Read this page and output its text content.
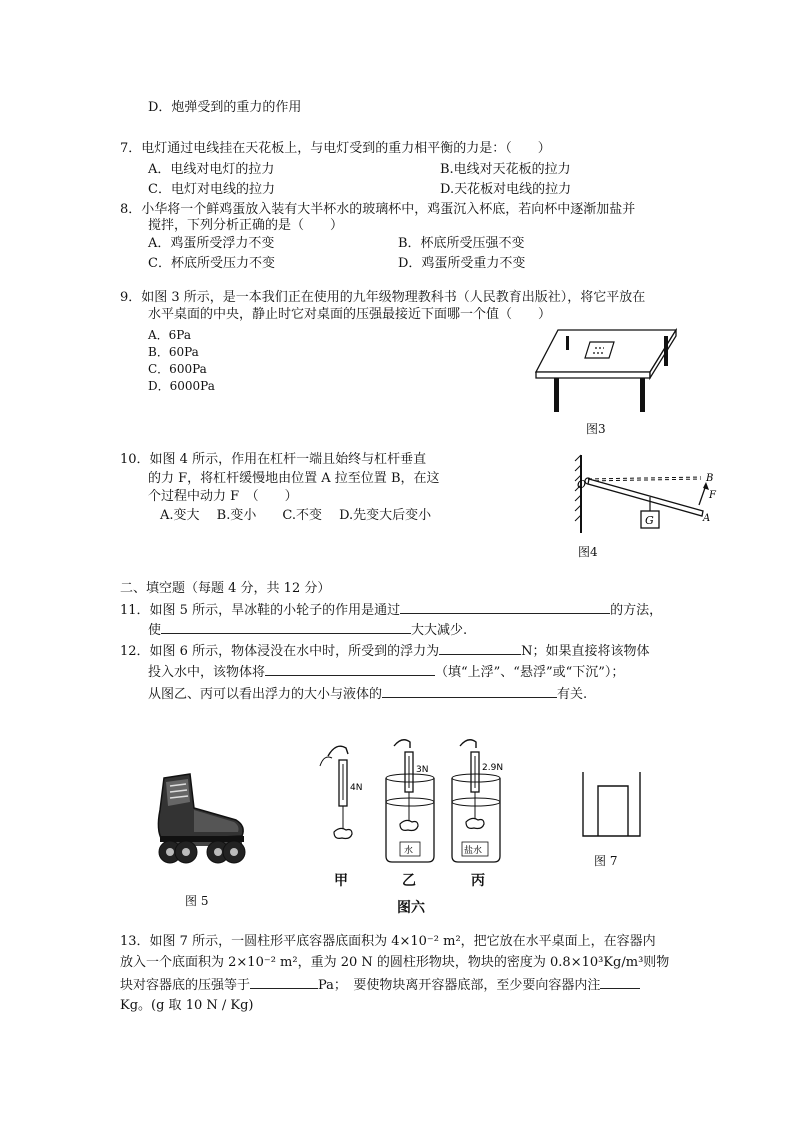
D．炮弹受到的重力的作用
7．电灯通过电线挂在天花板上，与电灯受到的重力相平衡的力是：（　　）
A．电线对电灯的拉力	B.电线对天花板的拉力
C．电灯对电线的拉力	D.天花板对电线的拉力
8．小华将一个鲜鸡蛋放入装有大半杯水的玻璃杯中，鸡蛋沉入杯底，若向杯中逐渐加盐并
搅拌，下列分析正确的是（　　）
A．鸡蛋所受浮力不变	B．杯底所受压强不变
C．杯底所受压力不变	D．鸡蛋所受重力不变
9．如图 3 所示，是一本我们正在使用的九年级物理教科书（人民教育出版社），将它平放在
水平桌面的中央，静止时它对桌面的压强最接近下面哪一个值（　　）
A．6Pa
B．60Pa
C．600Pa
D．6000Pa
图3
10．如图 4 所示，作用在杠杆一端且始终与杠杆垂直
的力 F，将杠杆缓慢地由位置 A 拉至位置 B，在这
个过程中动力 F　（　　）
A.变大　 B.变小　　C.不变　 D.先变大后变小
O	B
F
A
G
图4
二、填空题（每题 4 分，共 12 分）
11．如图 5 所示，旱冰鞋的小轮子的作用是通过	的方法，
使	大大减少.
12．如图 6 所示，物体浸没在水中时，所受到的浮力为	N；如果直接将该物体
投入水中，该物体将	（填“上浮”、“悬浮”或“下沉”）；
从图乙、丙可以看出浮力的大小与液体的	有关.
图 5
4N
3N
水
2.9N
盐水
甲	乙	丙
图六
图 7
13．如图 7 所示，一圆柱形平底容器底面积为 4×10⁻² m²，把它放在水平桌面上，在容器内
放入一个底面积为 2×10⁻² m²，重为 20 N 的圆柱形物块，物块的密度为 0.8×10³Kg/m³则物
块对容器底的压强等于	Pa；　要使物块离开容器底部，至少要向容器内注
Kg。(g 取 10 N / Kg)
